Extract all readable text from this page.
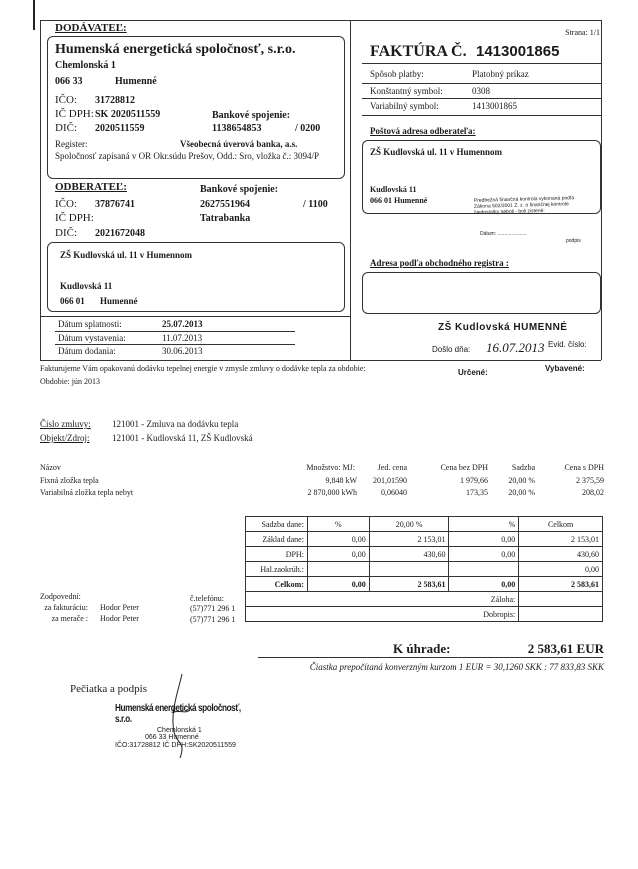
Strana: 1/1
DODÁVATEĽ:
Humenská energetická spoločnosť, s.r.o.
Chemlonská 1
066 33	Humenné
IČO: 31728812
IČ DPH: SK 2020511559	Bankové spojenie:
DIČ: 2020511559	1138654853	/ 0200
Register:	Všeobecná úverová banka, a.s.
Spoločnosť zapísaná v OR Okr.súdu Prešov, Odd.: Sro, vložka č.: 3094/P
FAKTÚRA Č. 1413001865
Spôsob platby:	Platobný príkaz
Konštantný symbol:	0308
Variabilný symbol:	1413001865
Poštová adresa odberateľa:
ZŠ Kudlovská ul. 11 v Humennom
Kudlovská 11
066 01 Humenné	Predbežná finančná kontrola vykonaná podľa
Zákona 502/2001 Z. z. o finančnej kontrole.
Nedostatky neboli - boli zistené:
Dátum: .....................
podpis
Adresa podľa obchodného registra :
ODBERATEĽ:	Bankové spojenie:
IČO: 37876741	2627551964	/ 1100
IČ DPH:	Tatrabanka
DIČ: 2021672048
ZŠ Kudlovská ul. 11 v Humennom
Kudlovská 11
066 01 Humenné
Dátum splatnosti:	25.07.2013
Dátum vystavenia:	11.07.2013
Dátum dodania:	30.06.2013
ZŠ Kudlovská HUMENNÉ
Došlo dňa: 16.07.2013 Evid. číslo:
Určené:	Vybavené:
Fakturujeme Vám opakovanú dodávku tepelnej energie v zmysle zmluvy o dodávke tepla za obdobie:
Obdobie: jún 2013
Číslo zmluvy: 121001 - Zmluva na dodávku tepla
Objekt/Zdroj:	121001 - Kudlovská 11, ZŠ Kudlovská
Názov	Množstvo: MJ:	Jed. cena	Cena bez DPH	Sadzba	Cena s DPH
Fixná zložka tepla	9,848 kW	201,01590	1 979,66	20,00 %	2 375,59
Variabilná zložka tepla nebyt	2 870,000 kWh	0,06040	173,35	20,00 %	208,02
Sadzba dane:	%	20,00 %	%	Celkom
Základ dane:	0,00	2 153,01	0,00	2 153,01
DPH:	0,00	430,60	0,00	430,60
Hal.zaokrúh.:				0,00
Celkom:	0,00	2 583,61	0,00	2 583,61
Záloha:				
Dobropis:				
Zodpovední:	č.telefónu:
za fakturáciu: Hodor Peter	(57)771 296 1
za merače : Hodor Peter	(57)771 296 1
K úhrade:	2 583,61 EUR
Čiastka prepočítaná konverzným kurzom 1 EUR = 30,1260 SKK : 77 833,83 SKK
Pečiatka a podpis
Humenská energetická spoločnosť, s.r.o.
Chemlonská 1
066 33 Humenné
IČO:31728812 IČ DPH:SK2020511559
